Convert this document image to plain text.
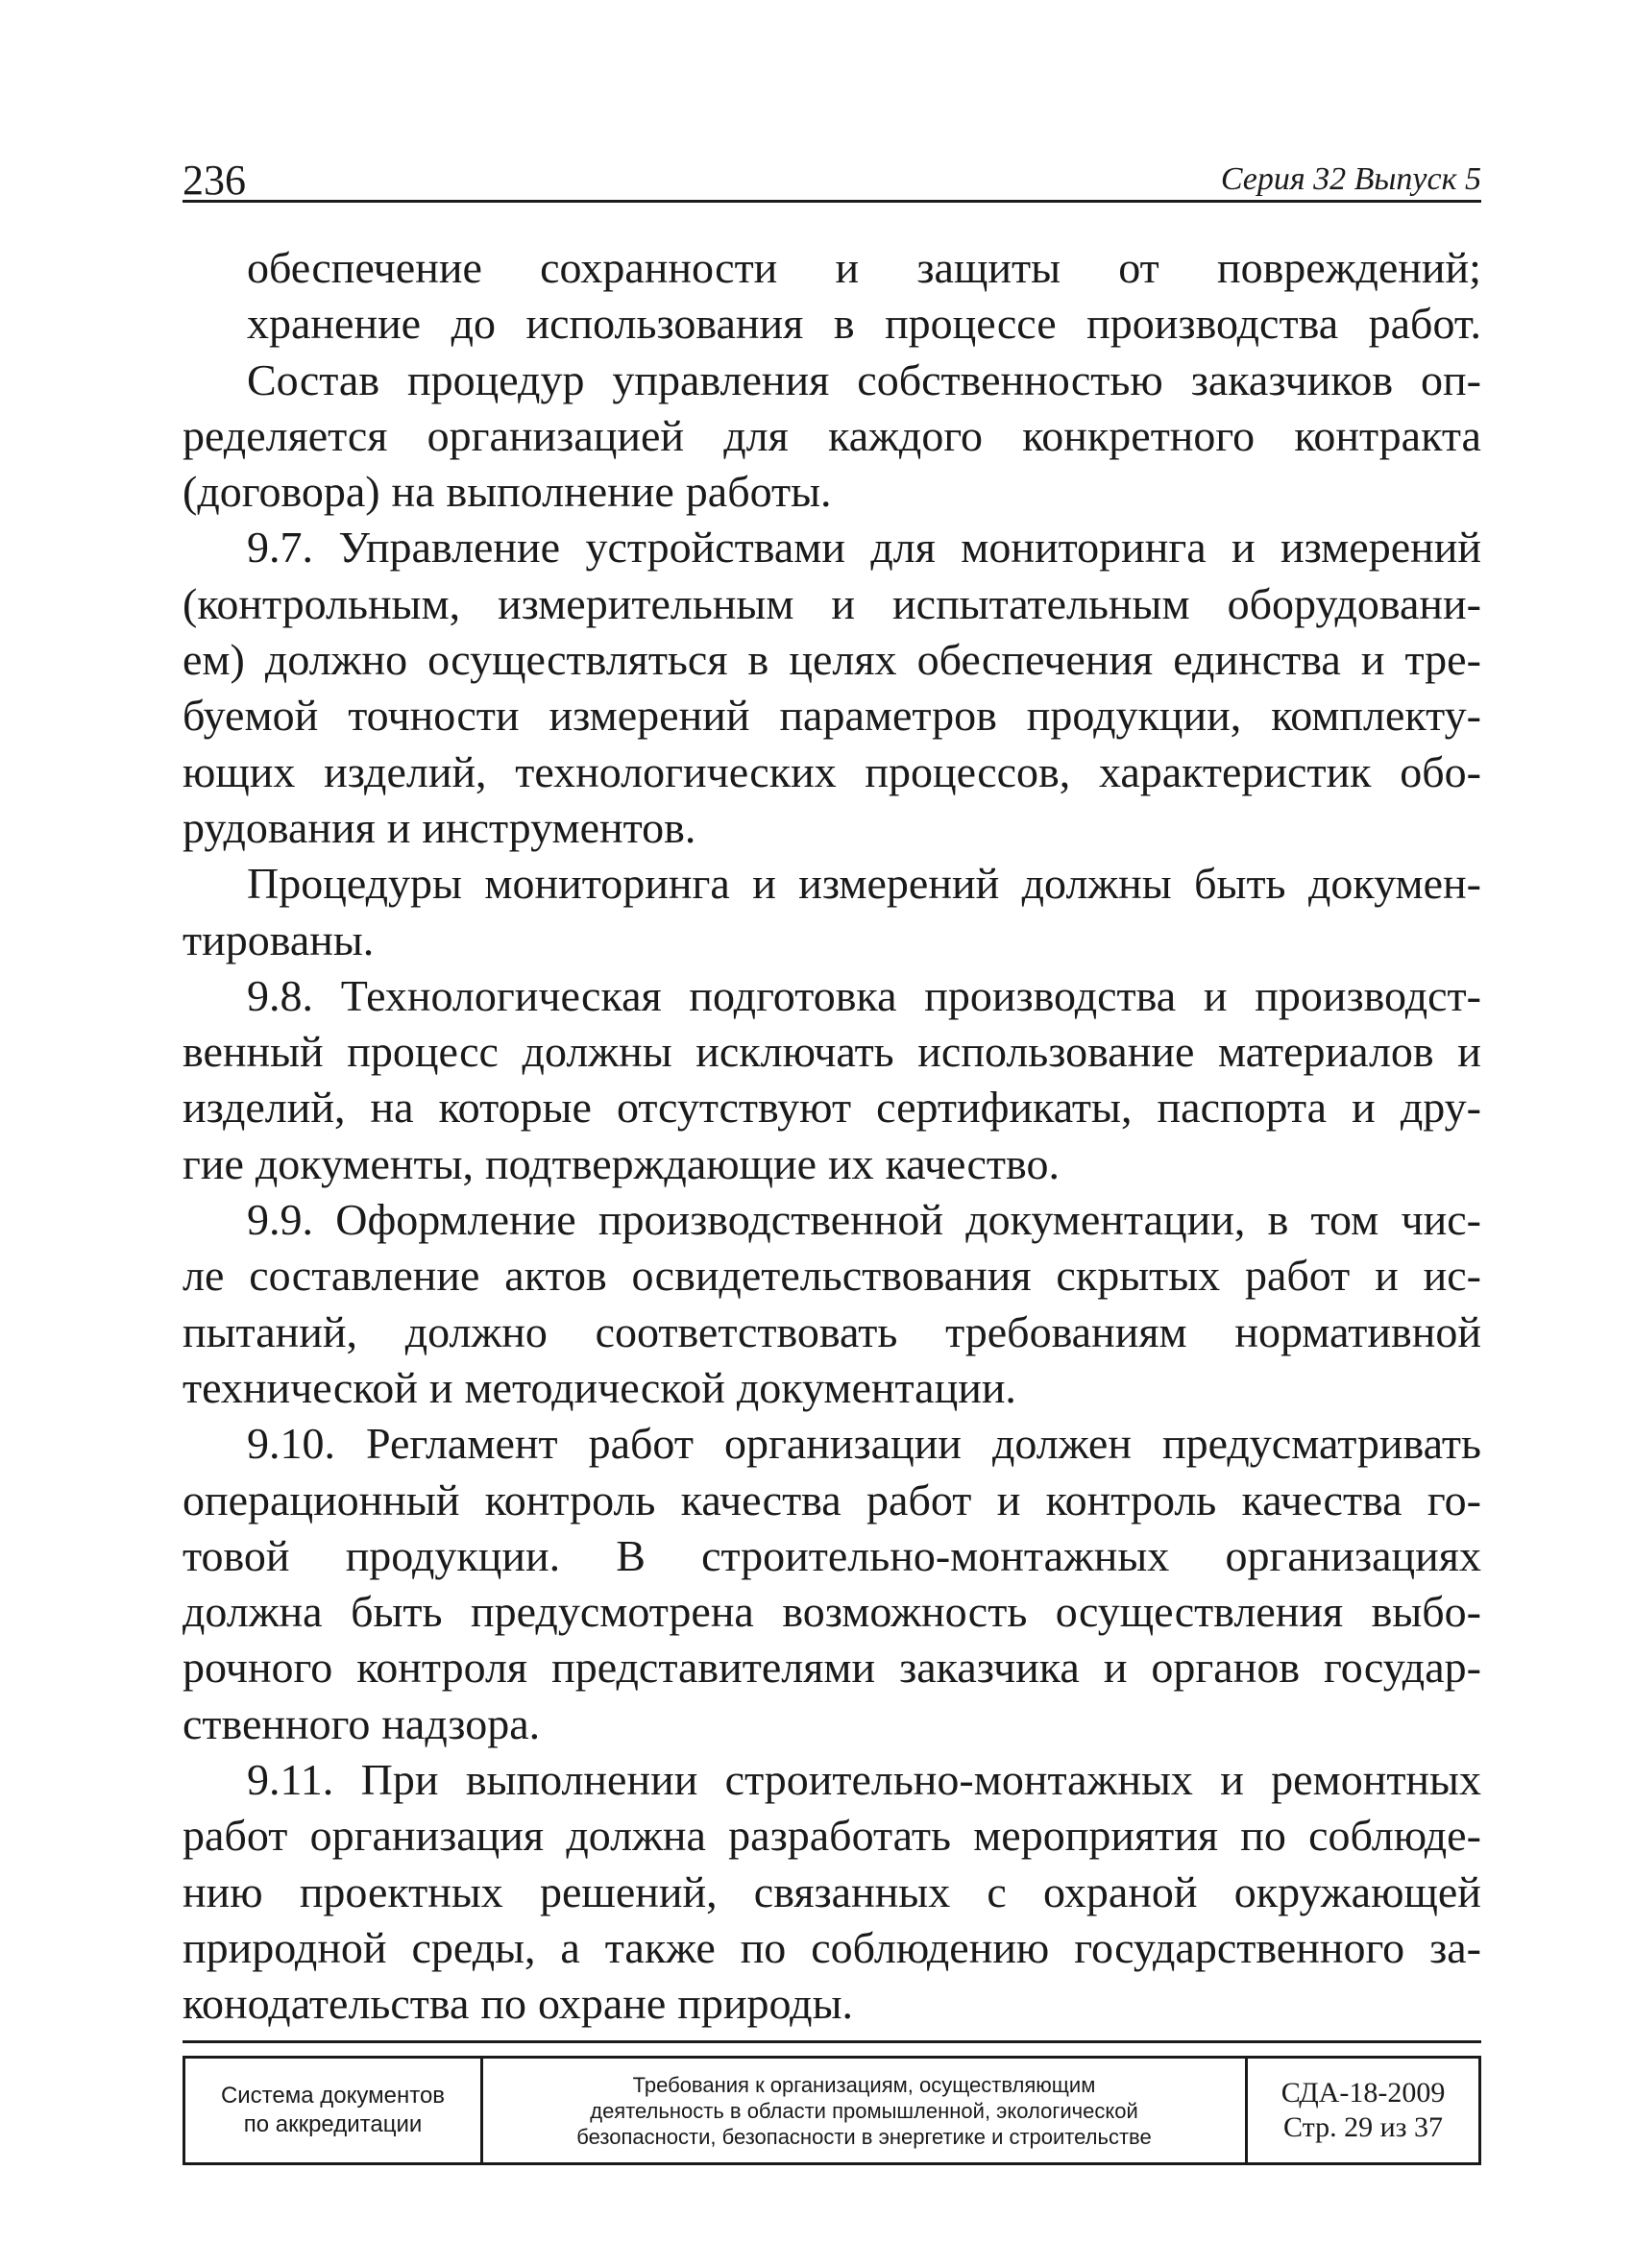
236	Серия 32 Выпуск 5
обеспечение сохранности и защиты от повреждений;
хранение до использования в процессе производства работ.
Состав процедур управления собственностью заказчиков оп-
ределяется организацией для каждого конкретного контракта
(договора) на выполнение работы.
9.7. Управление устройствами для мониторинга и измерений
(контрольным, измерительным и испытательным оборудовани-
ем) должно осуществляться в целях обеспечения единства и тре-
буемой точности измерений параметров продукции, комплекту-
ющих изделий, технологических процессов, характеристик обо-
рудования и инструментов.
Процедуры мониторинга и измерений должны быть докумен-
тированы.
9.8. Технологическая подготовка производства и производст-
венный процесс должны исключать использование материалов и
изделий, на которые отсутствуют сертификаты, паспорта и дру-
гие документы, подтверждающие их качество.
9.9. Оформление производственной документации, в том чис-
ле составление актов освидетельствования скрытых работ и ис-
пытаний, должно соответствовать требованиям нормативной
технической и методической документации.
9.10. Регламент работ организации должен предусматривать
операционный контроль качества работ и контроль качества го-
товой продукции. В строительно-монтажных организациях
должна быть предусмотрена возможность осуществления выбо-
рочного контроля представителями заказчика и органов государ-
ственного надзора.
9.11. При выполнении строительно-монтажных и ремонтных
работ организация должна разработать мероприятия по соблюде-
нию проектных решений, связанных с охраной окружающей
природной среды, а также по соблюдению государственного за-
конодательства по охране природы.
Система документов
по аккредитации
Требования к организациям, осуществляющим
деятельность в области промышленной, экологической
безопасности, безопасности в энергетике и строительстве
СДА-18-2009
Стр. 29 из 37
